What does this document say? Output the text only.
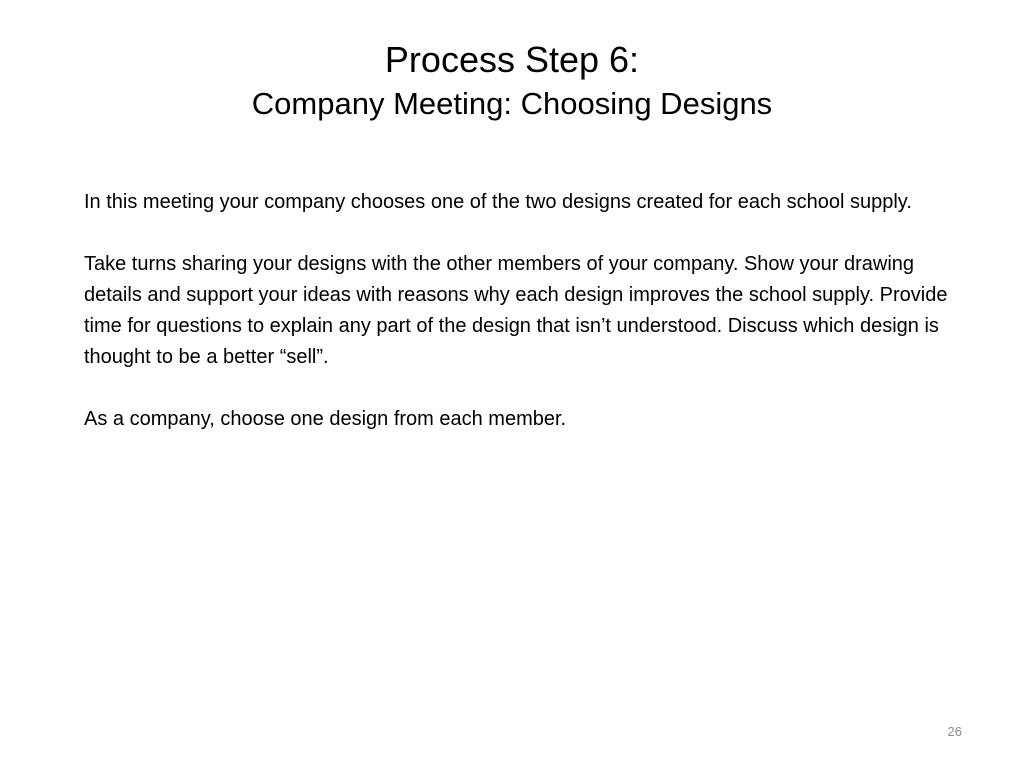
Process Step 6:
Company Meeting: Choosing Designs

In this meeting your company chooses one of the two designs created for each school supply.

Take turns sharing your designs with the other members of your company. Show your drawing details and support your ideas with reasons why each design improves the school supply. Provide time for questions to explain any part of the design that isn’t understood. Discuss which design is thought to be a better “sell”.

As a company, choose one design from each member.

26
